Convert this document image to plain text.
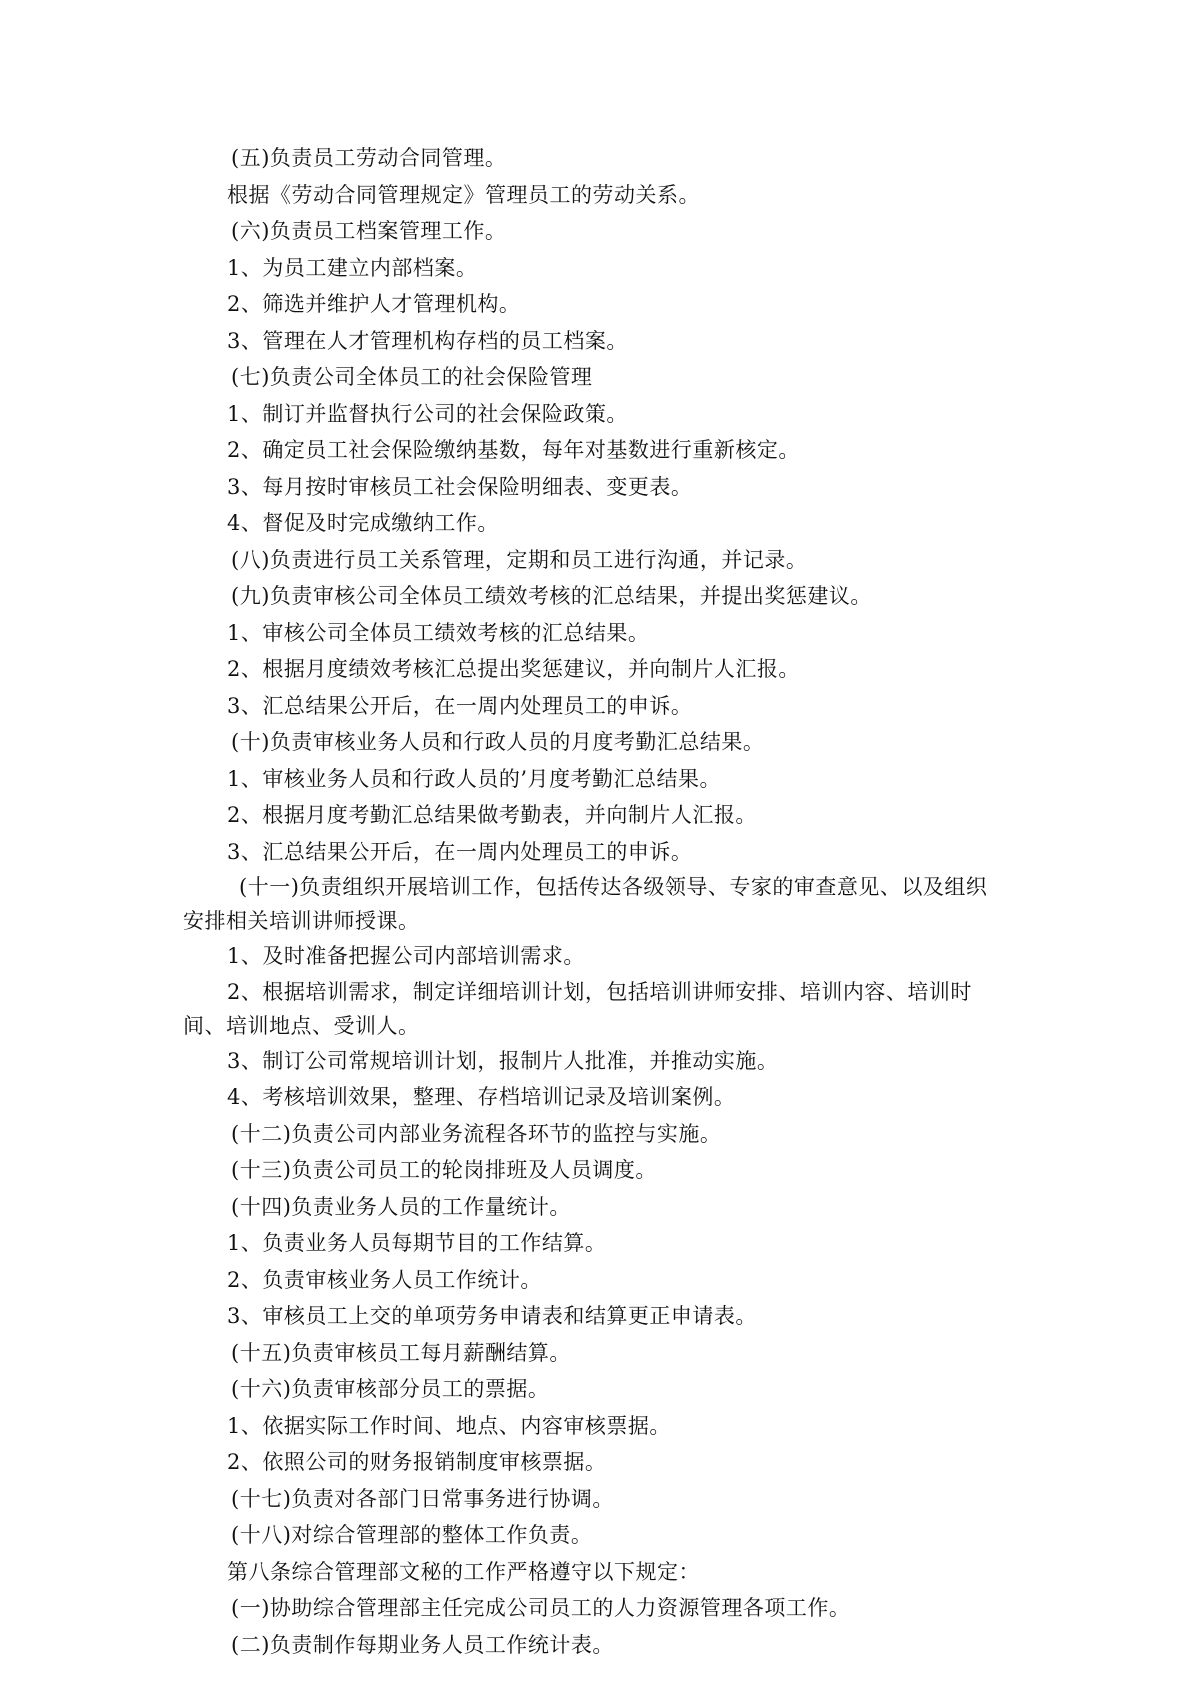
(五)负责员工劳动合同管理。
根据《劳动合同管理规定》管理员工的劳动关系。
(六)负责员工档案管理工作。
1、为员工建立内部档案。
2、筛选并维护人才管理机构。
3、管理在人才管理机构存档的员工档案。
(七)负责公司全体员工的社会保险管理
1、制订并监督执行公司的社会保险政策。
2、确定员工社会保险缴纳基数，每年对基数进行重新核定。
3、每月按时审核员工社会保险明细表、变更表。
4、督促及时完成缴纳工作。
(八)负责进行员工关系管理，定期和员工进行沟通，并记录。
(九)负责审核公司全体员工绩效考核的汇总结果，并提出奖惩建议。
1、审核公司全体员工绩效考核的汇总结果。
2、根据月度绩效考核汇总提出奖惩建议，并向制片人汇报。
3、汇总结果公开后，在一周内处理员工的申诉。
(十)负责审核业务人员和行政人员的月度考勤汇总结果。
1、审核业务人员和行政人员的’月度考勤汇总结果。
2、根据月度考勤汇总结果做考勤表，并向制片人汇报。
3、汇总结果公开后，在一周内处理员工的申诉。
(十一)负责组织开展培训工作，包括传达各级领导、专家的审查意见、以及组织安排相关培训讲师授课。
1、及时准备把握公司内部培训需求。
2、根据培训需求，制定详细培训计划，包括培训讲师安排、培训内容、培训时间、培训地点、受训人。
3、制订公司常规培训计划，报制片人批准，并推动实施。
4、考核培训效果，整理、存档培训记录及培训案例。
(十二)负责公司内部业务流程各环节的监控与实施。
(十三)负责公司员工的轮岗排班及人员调度。
(十四)负责业务人员的工作量统计。
1、负责业务人员每期节目的工作结算。
2、负责审核业务人员工作统计。
3、审核员工上交的单项劳务申请表和结算更正申请表。
(十五)负责审核员工每月薪酬结算。
(十六)负责审核部分员工的票据。
1、依据实际工作时间、地点、内容审核票据。
2、依照公司的财务报销制度审核票据。
(十七)负责对各部门日常事务进行协调。
(十八)对综合管理部的整体工作负责。
第八条综合管理部文秘的工作严格遵守以下规定：
(一)协助综合管理部主任完成公司员工的人力资源管理各项工作。
(二)负责制作每期业务人员工作统计表。
